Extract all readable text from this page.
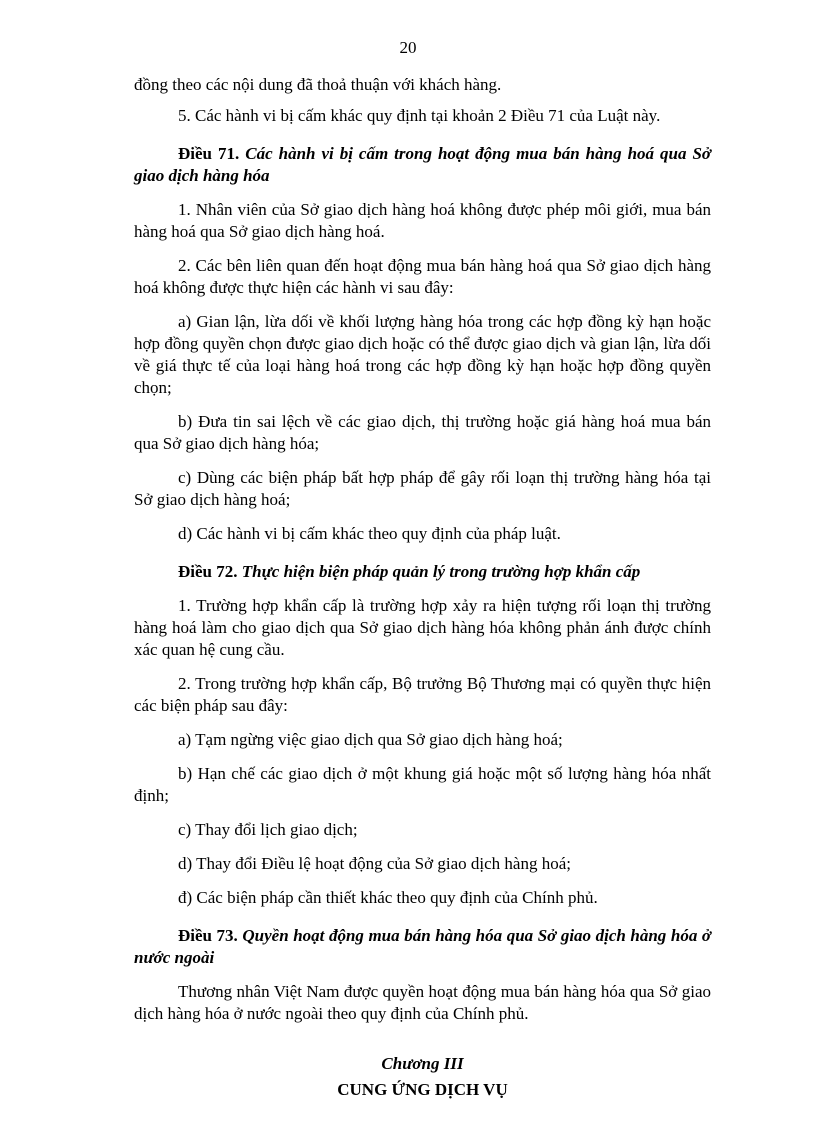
20

đồng theo các nội dung đã thoả thuận với khách hàng.

5. Các hành vi bị cấm khác quy định tại khoản 2 Điều 71 của Luật này.

Điều 71. Các hành vi bị cấm trong hoạt động mua bán hàng hoá qua Sở giao dịch hàng hóa

1. Nhân viên của Sở giao dịch hàng hoá không được phép môi giới, mua bán hàng hoá qua Sở giao dịch hàng hoá.

2. Các bên liên quan đến hoạt động mua bán hàng hoá qua Sở giao dịch hàng hoá không được thực hiện các hành vi sau đây:

a) Gian lận, lừa dối về khối lượng hàng hóa trong các hợp đồng kỳ hạn hoặc hợp đồng quyền chọn được giao dịch hoặc có thể được giao dịch và gian lận, lừa dối về giá thực tế của loại hàng hoá trong các hợp đồng kỳ hạn hoặc hợp đồng quyền chọn;

b) Đưa tin sai lệch về các giao dịch, thị trường hoặc giá hàng hoá mua bán qua Sở giao dịch hàng hóa;

c) Dùng các biện pháp bất hợp pháp để gây rối loạn thị trường hàng hóa tại Sở giao dịch hàng hoá;

d) Các hành vi bị cấm khác theo quy định của pháp luật.

Điều 72. Thực hiện biện pháp quản lý trong trường hợp khẩn cấp

1. Trường hợp khẩn cấp là trường hợp xảy ra hiện tượng rối loạn thị trường hàng hoá làm cho giao dịch qua Sở giao dịch hàng hóa không phản ánh được chính xác quan hệ cung cầu.

2. Trong trường hợp khẩn cấp, Bộ trưởng Bộ Thương mại có quyền thực hiện các biện pháp sau đây:

a) Tạm ngừng việc giao dịch qua Sở giao dịch hàng hoá;

b) Hạn chế các giao dịch ở một khung giá hoặc một số lượng hàng hóa nhất định;

c) Thay đổi lịch giao dịch;

d) Thay đổi Điều lệ hoạt động của Sở giao dịch hàng hoá;

đ) Các biện pháp cần thiết khác theo quy định của Chính phủ.

Điều 73. Quyền hoạt động mua bán hàng hóa qua Sở giao dịch hàng hóa ở nước ngoài

Thương nhân Việt Nam được quyền hoạt động mua bán hàng hóa qua Sở giao dịch hàng hóa ở nước ngoài theo quy định của Chính phủ.

Chương III

CUNG ỨNG DỊCH VỤ
